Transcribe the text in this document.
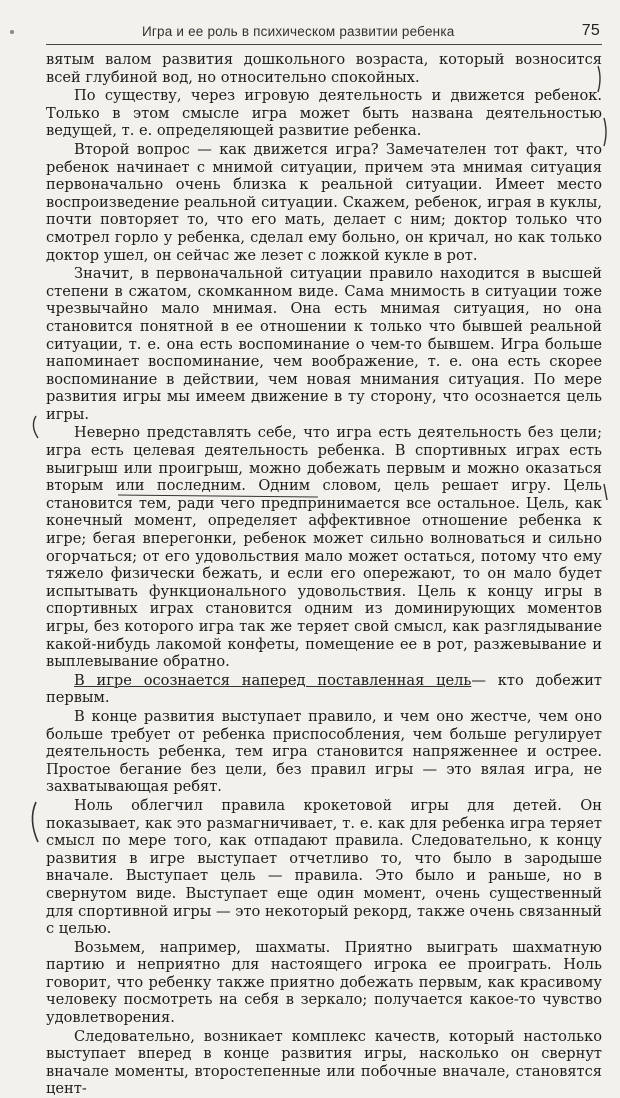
Игра и ее роль в психическом развитии ребенка	75

вятым валом развития дошкольного возраста, который возносится всей глубиной вод, но относительно спокойных.

По существу, через игровую деятельность и движется ребенок. Только в этом смысле игра может быть названа деятельностью ведущей, т. е. определяющей развитие ребенка.

Второй вопрос — как движется игра? Замечателен тот факт, что ребенок начинает с мнимой ситуации, причем эта мнимая ситуация первоначально очень близка к реальной ситуации. Имеет место воспроизведение реальной ситуации. Скажем, ребенок, играя в куклы, почти повторяет то, что его мать, делает с ним; доктор только что смотрел горло у ребенка, сделал ему больно, он кричал, но как только доктор ушел, он сейчас же лезет с ложкой кукле в рот.

Значит, в первоначальной ситуации правило находится в высшей степени в сжатом, скомканном виде. Сама мнимость в ситуации тоже чрезвычайно мало мнимая. Она есть мнимая ситуация, но она становится понятной в ее отношении к только что бывшей реальной ситуации, т. е. она есть воспоминание о чем-то бывшем. Игра больше напоминает воспоминание, чем воображение, т. е. она есть скорее воспоминание в действии, чем новая мнимания ситуация. По мере развития игры мы имеем движение в ту сторону, что осознается цель игры.

Неверно представлять себе, что игра есть деятельность без цели; игра есть целевая деятельность ребенка. В спортивных играх есть выигрыш или проигрыш, можно добежать первым и можно оказаться вторым или последним. Одним словом, цель решает игру. Цель становится тем, ради чего предпринимается все остальное. Цель, как конечный момент, определяет аффективное отношение ребенка к игре; бегая вперегонки, ребенок может сильно волноваться и сильно огорчаться; от его удовольствия мало может остаться, потому что ему тяжело физически бежать, и если его опережают, то он мало будет испытывать функционального удовольствия. Цель к концу игры в спортивных играх становится одним из доминирующих моментов игры, без которого игра так же теряет свой смысл, как разглядывание какой-нибудь лакомой конфеты, помещение ее в рот, разжевывание и выплевывание обратно.

В игре осознается наперед поставленная цель— кто добежит первым.

В конце развития выступает правило, и чем оно жестче, чем оно больше требует от ребенка приспособления, чем больше регулирует деятельность ребенка, тем игра становится напряженнее и острее. Простое бегание без цели, без правил игры — это вялая игра, не захватывающая ребят.

Ноль облегчил правила крокетовой игры для детей. Он показывает, как это размагничивает, т. е. как для ребенка игра теряет смысл по мере того, как отпадают правила. Следовательно, к концу развития в игре выступает отчетливо то, что было в зародыше вначале. Выступает цель — правила. Это было и раньше, но в свернутом виде. Выступает еще один момент, очень существенный для спортивной игры — это некоторый рекорд, также очень связанный с целью.

Возьмем, например, шахматы. Приятно выиграть шахматную партию и неприятно для настоящего игрока ее проиграть. Ноль говорит, что ребенку также приятно добежать первым, как красивому человеку посмотреть на себя в зеркало; получается какое-то чувство удовлетворения.

Следовательно, возникает комплекс качеств, который настолько выступает вперед в конце развития игры, насколько он свернут вначале моменты, второстепенные или побочные вначале, становятся цент-
